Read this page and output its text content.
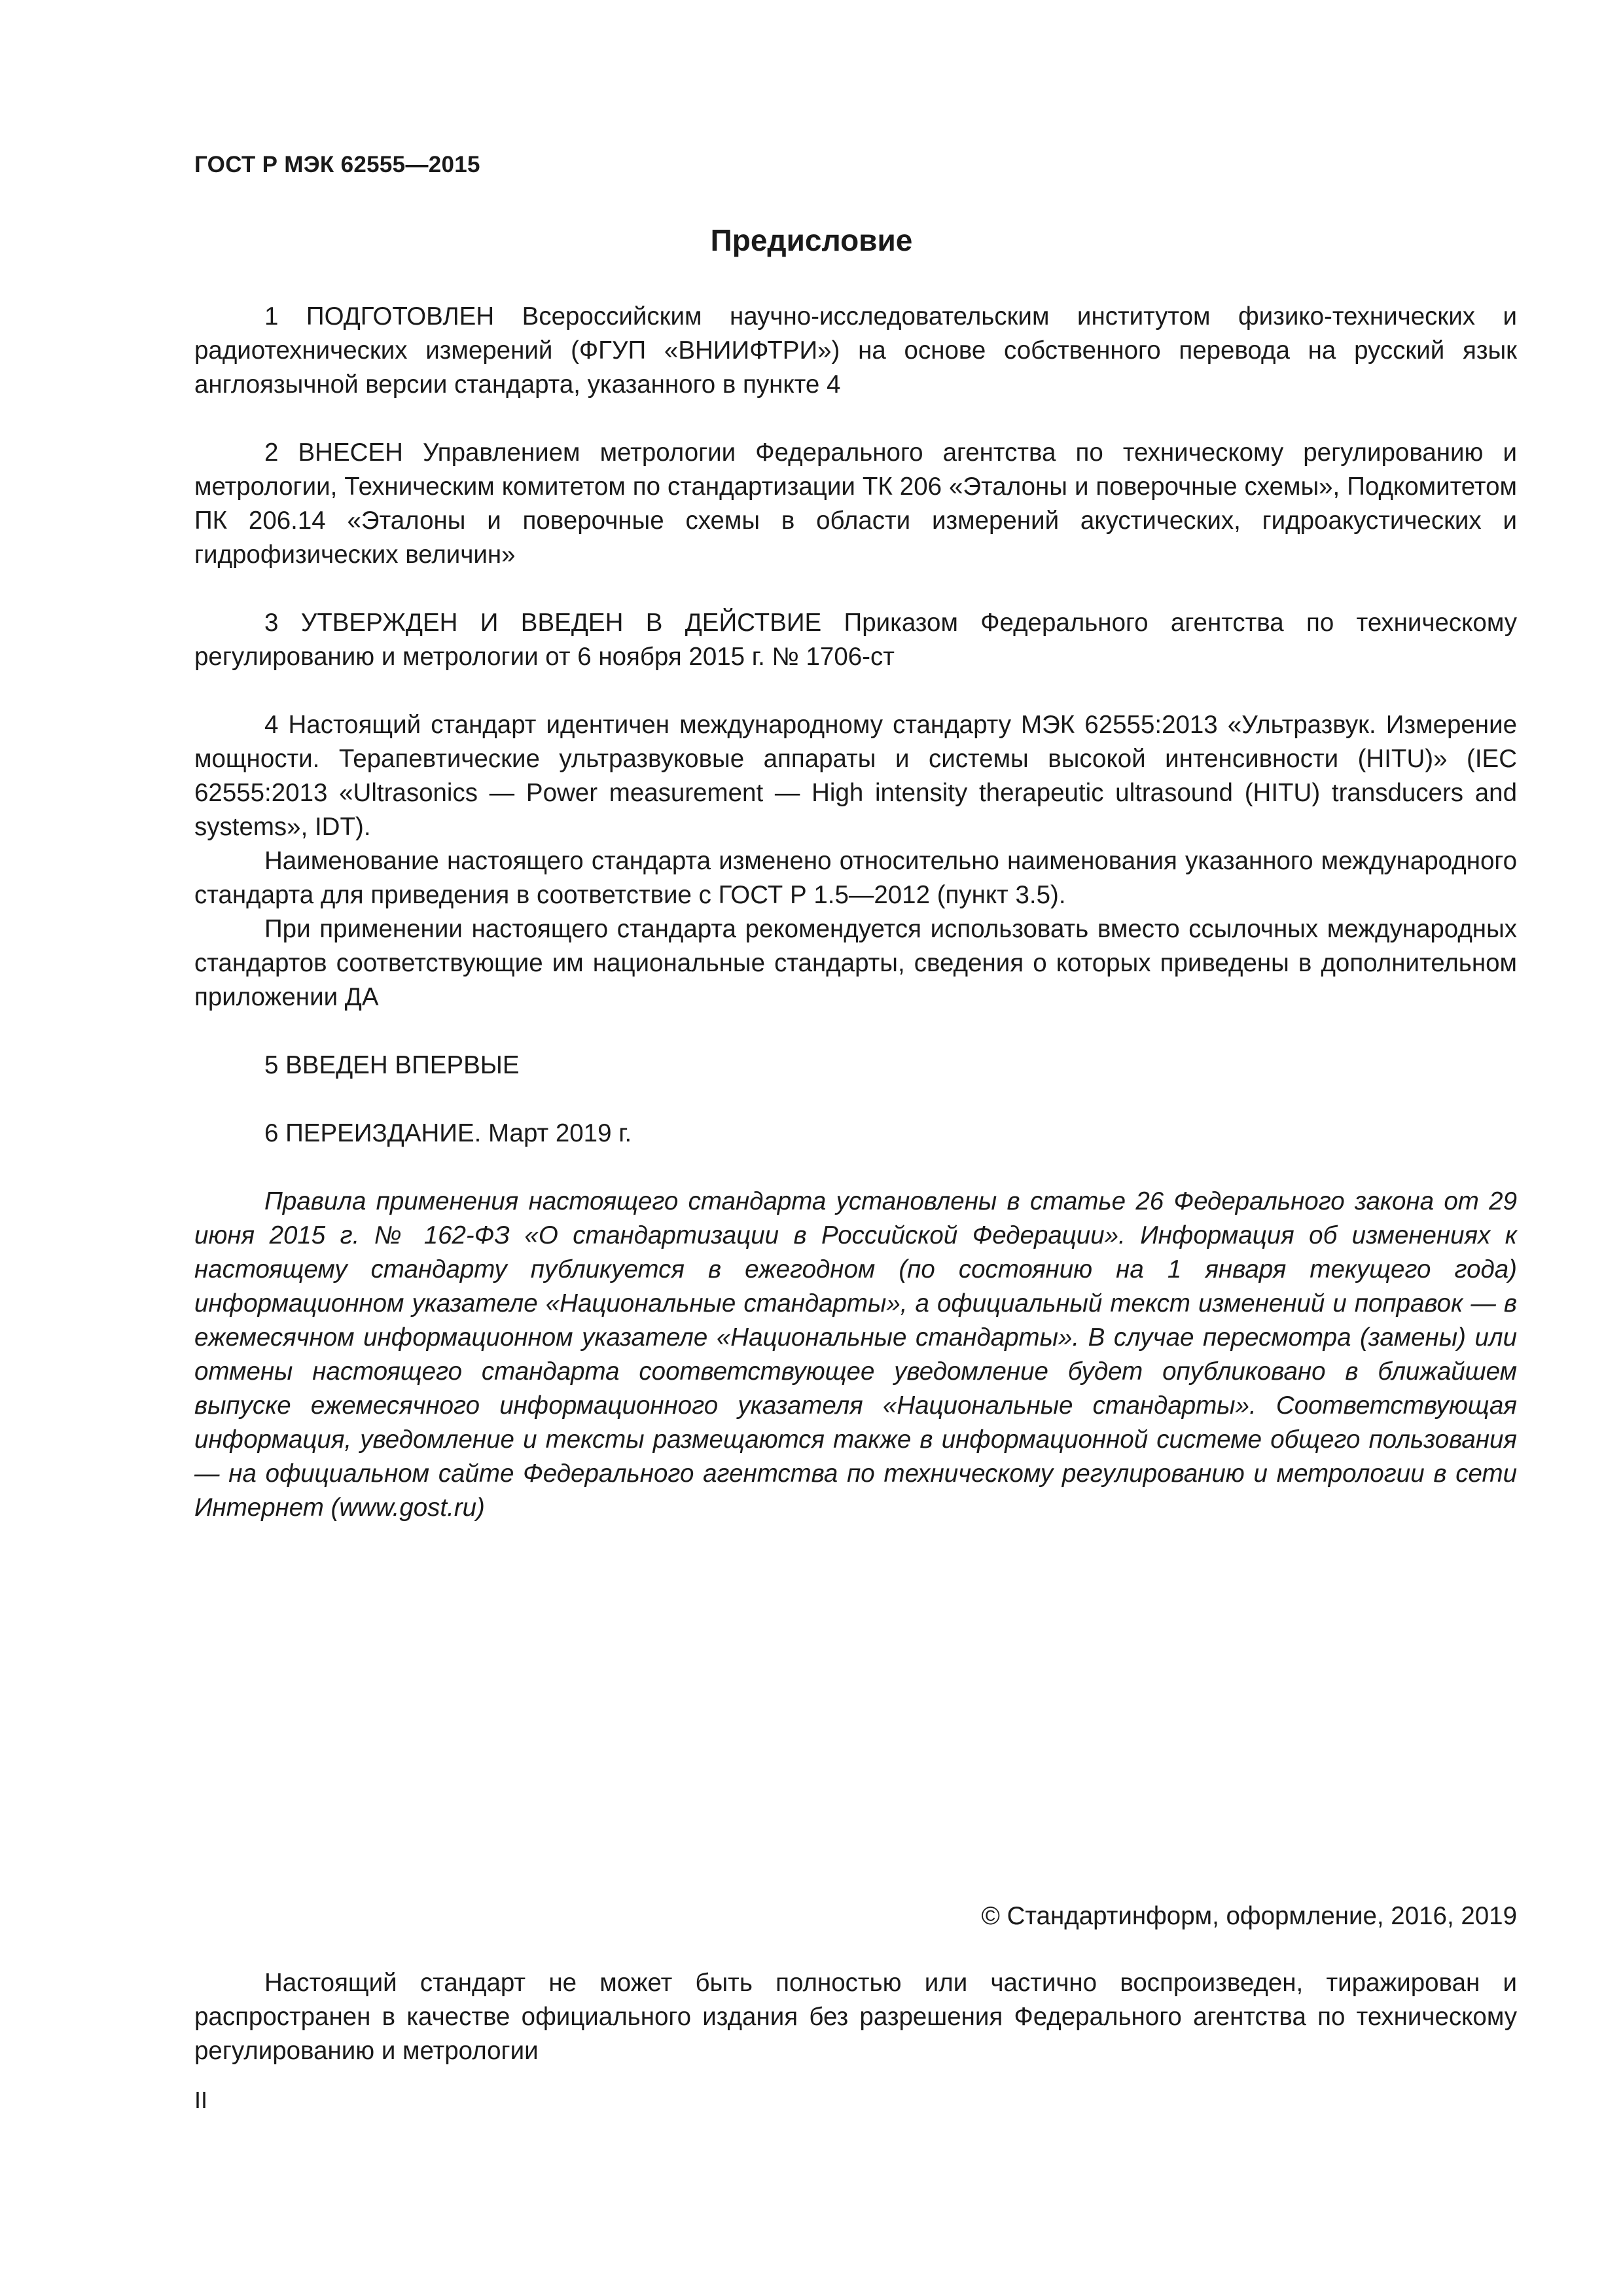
ГОСТ Р МЭК 62555—2015
Предисловие

1 ПОДГОТОВЛЕН Всероссийским научно-исследовательским институтом физико-технических и радиотехнических измерений (ФГУП «ВНИИФТРИ») на основе собственного перевода на русский язык англоязычной версии стандарта, указанного в пункте 4

2 ВНЕСЕН Управлением метрологии Федерального агентства по техническому регулированию и метрологии, Техническим комитетом по стандартизации ТК 206 «Эталоны и поверочные схемы», Подкомитетом ПК 206.14 «Эталоны и поверочные схемы в области измерений акустических, гидроакустических и гидрофизических величин»

3 УТВЕРЖДЕН И ВВЕДЕН В ДЕЙСТВИЕ Приказом Федерального агентства по техническому регулированию и метрологии от 6 ноября 2015 г. № 1706-ст

4 Настоящий стандарт идентичен международному стандарту МЭК 62555:2013 «Ультразвук. Измерение мощности. Терапевтические ультразвуковые аппараты и системы высокой интенсивности (HITU)» (IEC 62555:2013 «Ultrasonics — Power measurement — High intensity therapeutic ultrasound (HITU) transducers and systems», IDT).

Наименование настоящего стандарта изменено относительно наименования указанного международного стандарта для приведения в соответствие с ГОСТ Р 1.5—2012 (пункт 3.5).

При применении настоящего стандарта рекомендуется использовать вместо ссылочных международных стандартов соответствующие им национальные стандарты, сведения о которых приведены в дополнительном приложении ДА

5 ВВЕДЕН ВПЕРВЫЕ

6 ПЕРЕИЗДАНИЕ. Март 2019 г.

Правила применения настоящего стандарта установлены в статье 26 Федерального закона от 29 июня 2015 г. № 162-ФЗ «О стандартизации в Российской Федерации». Информация об изменениях к настоящему стандарту публикуется в ежегодном (по состоянию на 1 января текущего года) информационном указателе «Национальные стандарты», а официальный текст изменений и поправок — в ежемесячном информационном указателе «Национальные стандарты». В случае пересмотра (замены) или отмены настоящего стандарта соответствующее уведомление будет опубликовано в ближайшем выпуске ежемесячного информационного указателя «Национальные стандарты». Соответствующая информация, уведомление и тексты размещаются также в информационной системе общего пользования — на официальном сайте Федерального агентства по техническому регулированию и метрологии в сети Интернет (www.gost.ru)

© Стандартинформ, оформление, 2016, 2019

Настоящий стандарт не может быть полностью или частично воспроизведен, тиражирован и распространен в качестве официального издания без разрешения Федерального агентства по техническому регулированию и метрологии

II
